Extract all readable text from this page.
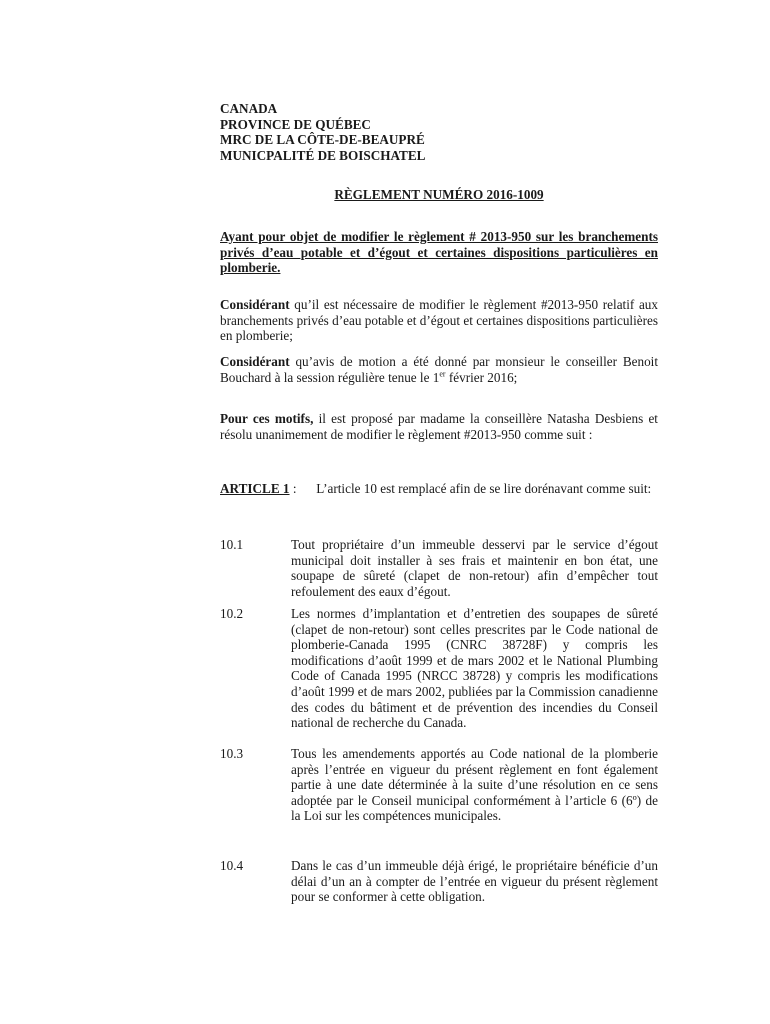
CANADA
PROVINCE DE QUÉBEC
MRC DE LA CÔTE-DE-BEAUPRÉ
MUNICPALITÉ DE BOISCHATEL
RÈGLEMENT NUMÉRO 2016-1009
Ayant pour objet de modifier le règlement # 2013-950 sur les branchements privés d’eau potable et d’égout et certaines dispositions particulières en plomberie.
Considérant qu’il est nécessaire de modifier le règlement #2013-950 relatif aux branchements privés d’eau potable et d’égout et certaines dispositions particulières en plomberie;
Considérant qu’avis de motion a été donné par monsieur le conseiller Benoit Bouchard à la session régulière tenue le 1er février 2016;
Pour ces motifs, il est proposé par madame la conseillère Natasha Desbiens et résolu unanimement de modifier le règlement #2013-950 comme suit :
ARTICLE 1 :      L’article 10 est remplacé afin de se lire dorénavant comme suit:
10.1	Tout propriétaire d’un immeuble desservi par le service d’égout municipal doit installer à ses frais et maintenir en bon état, une soupape de sûreté (clapet de non-retour) afin d’empêcher tout refoulement des eaux d’égout.
10.2	Les normes d’implantation et d’entretien des soupapes de sûreté (clapet de non-retour) sont celles prescrites par le Code national de plomberie-Canada 1995 (CNRC 38728F) y compris les modifications d’août 1999 et de mars 2002 et le National Plumbing Code of Canada 1995 (NRCC 38728) y compris les modifications d’août 1999 et de mars 2002, publiées par la Commission canadienne des codes du bâtiment et de prévention des incendies du Conseil national de recherche du Canada.
10.3	Tous les amendements apportés au Code national de la plomberie après l’entrée en vigueur du présent règlement en font également partie à une date déterminée à la suite d’une résolution en ce sens adoptée par le Conseil municipal conformément à l’article 6 (6º) de la Loi sur les compétences municipales.
10.4	Dans le cas d’un immeuble déjà érigé, le propriétaire bénéficie d’un délai d’un an à compter de l’entrée en vigueur du présent règlement pour se conformer à cette obligation.
